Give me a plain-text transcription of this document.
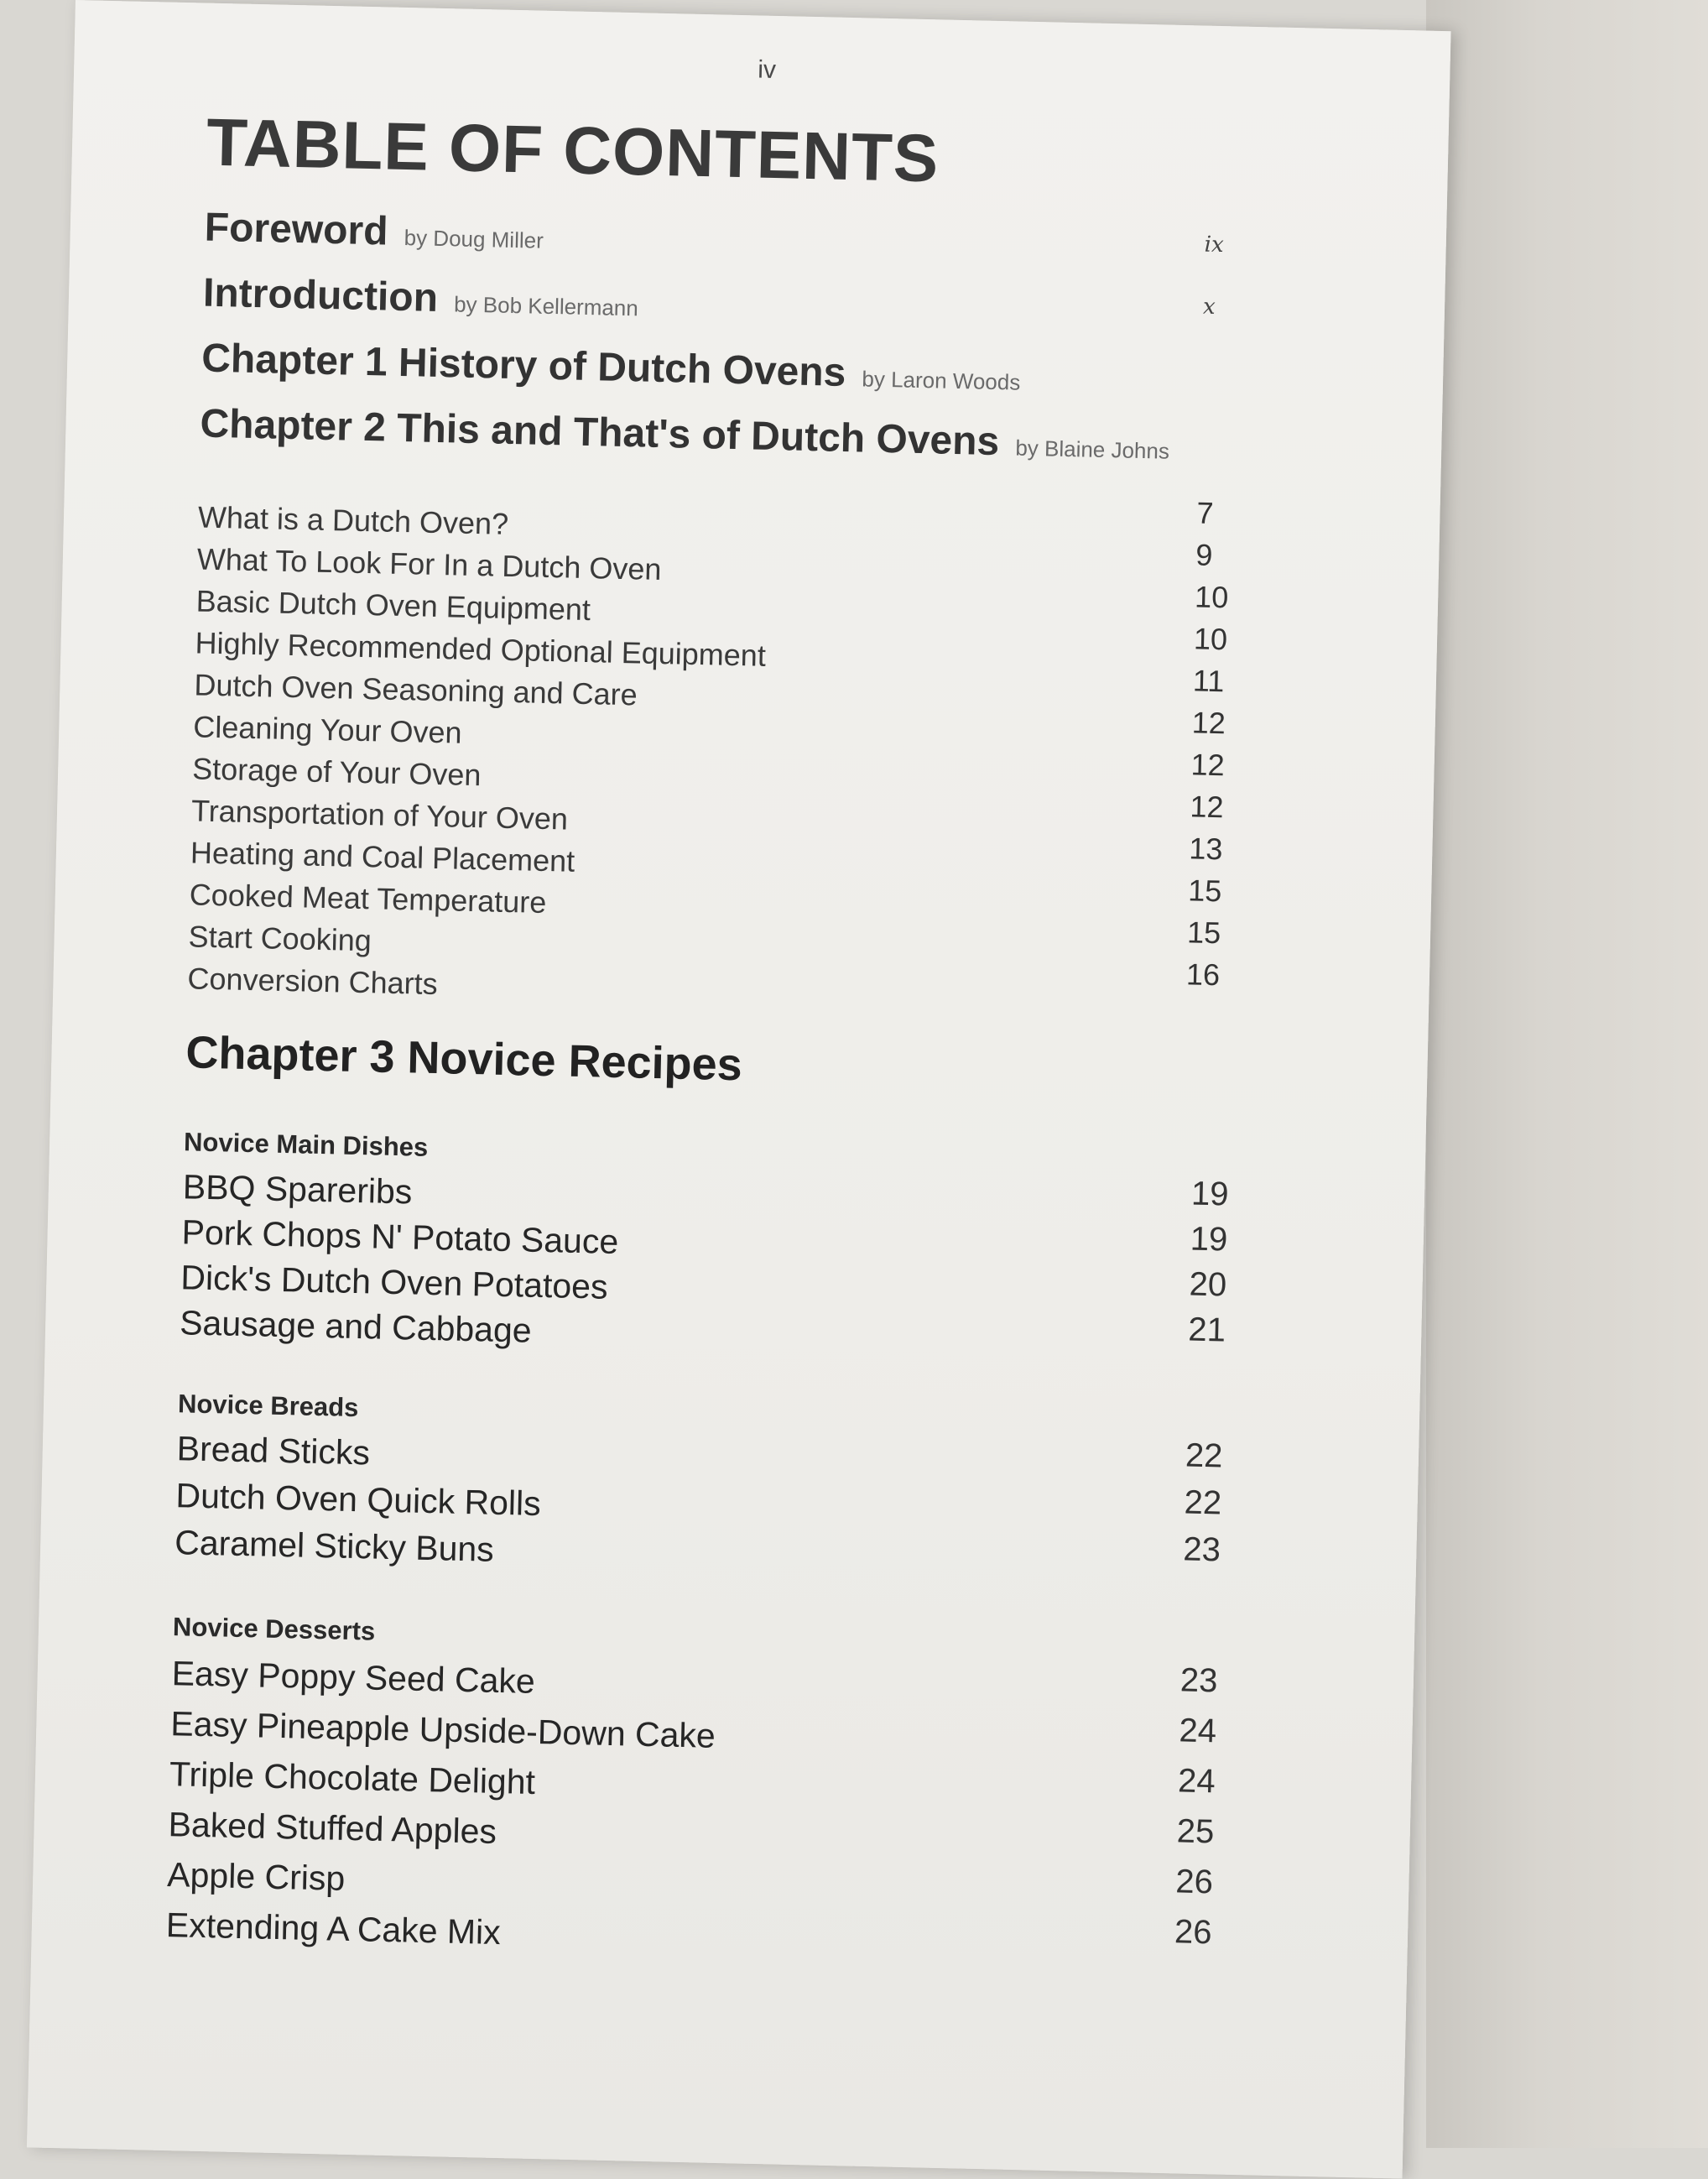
iv
TABLE OF CONTENTS
Foreword by Doug Miller	ix
Introduction by Bob Kellermann	x
Chapter 1 History of Dutch Ovens by Laron Woods
Chapter 2 This and That's of Dutch Ovens by Blaine Johns
What is a Dutch Oven?	7
What To Look For In a Dutch Oven	9
Basic Dutch Oven Equipment	10
Highly Recommended Optional Equipment	10
Dutch Oven Seasoning and Care	11
Cleaning Your Oven	12
Storage of Your Oven	12
Transportation of Your Oven	12
Heating and Coal Placement	13
Cooked Meat Temperature	15
Start Cooking	15
Conversion Charts	16
Chapter 3 Novice Recipes
Novice Main Dishes
BBQ Spareribs	19
Pork Chops N' Potato Sauce	19
Dick's Dutch Oven Potatoes	20
Sausage and Cabbage	21
Novice Breads
Bread Sticks	22
Dutch Oven Quick Rolls	22
Caramel Sticky Buns	23
Novice Desserts
Easy Poppy Seed Cake	23
Easy Pineapple Upside-Down Cake	24
Triple Chocolate Delight	24
Baked Stuffed Apples	25
Apple Crisp	26
Extending A Cake Mix	26
